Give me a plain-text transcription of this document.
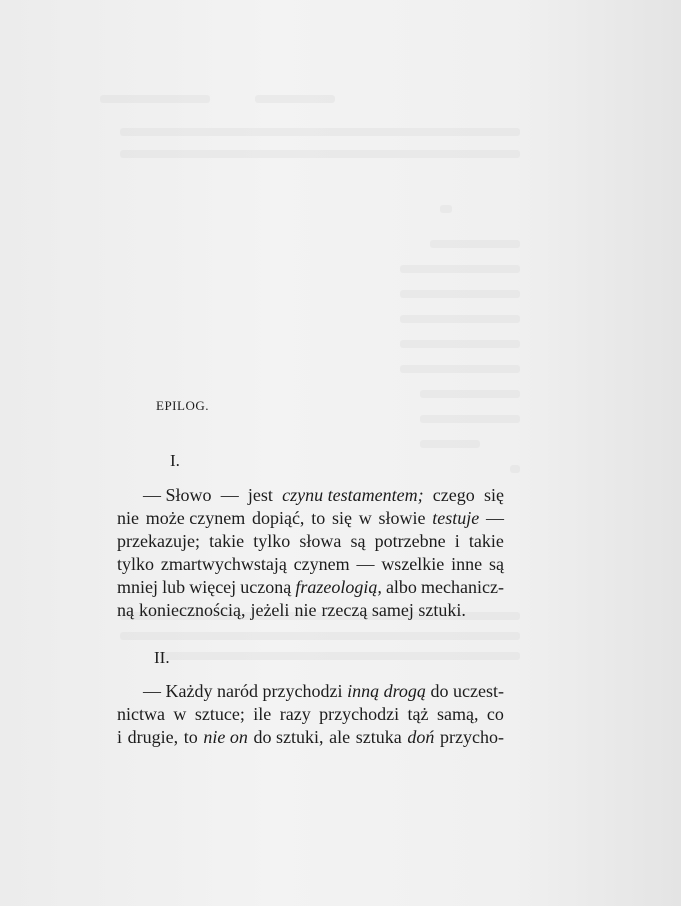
EPILOG.
I.
— Słowo — jest czynu testamentem; czego się
nie może czynem dopiąć, to się w słowie testuje —
przekazuje; takie tylko słowa są potrzebne i takie
tylko zmartwychwstają czynem — wszelkie inne są
mniej lub więcej uczoną frazeologią, albo mechanicz-
ną koniecznością, jeżeli nie rzeczą samej sztuki.
II.
— Każdy naród przychodzi inną drogą do uczest-
nictwa w sztuce; ile razy przychodzi tąż samą, co
i drugie, to nie on do sztuki, ale sztuka doń przycho-
